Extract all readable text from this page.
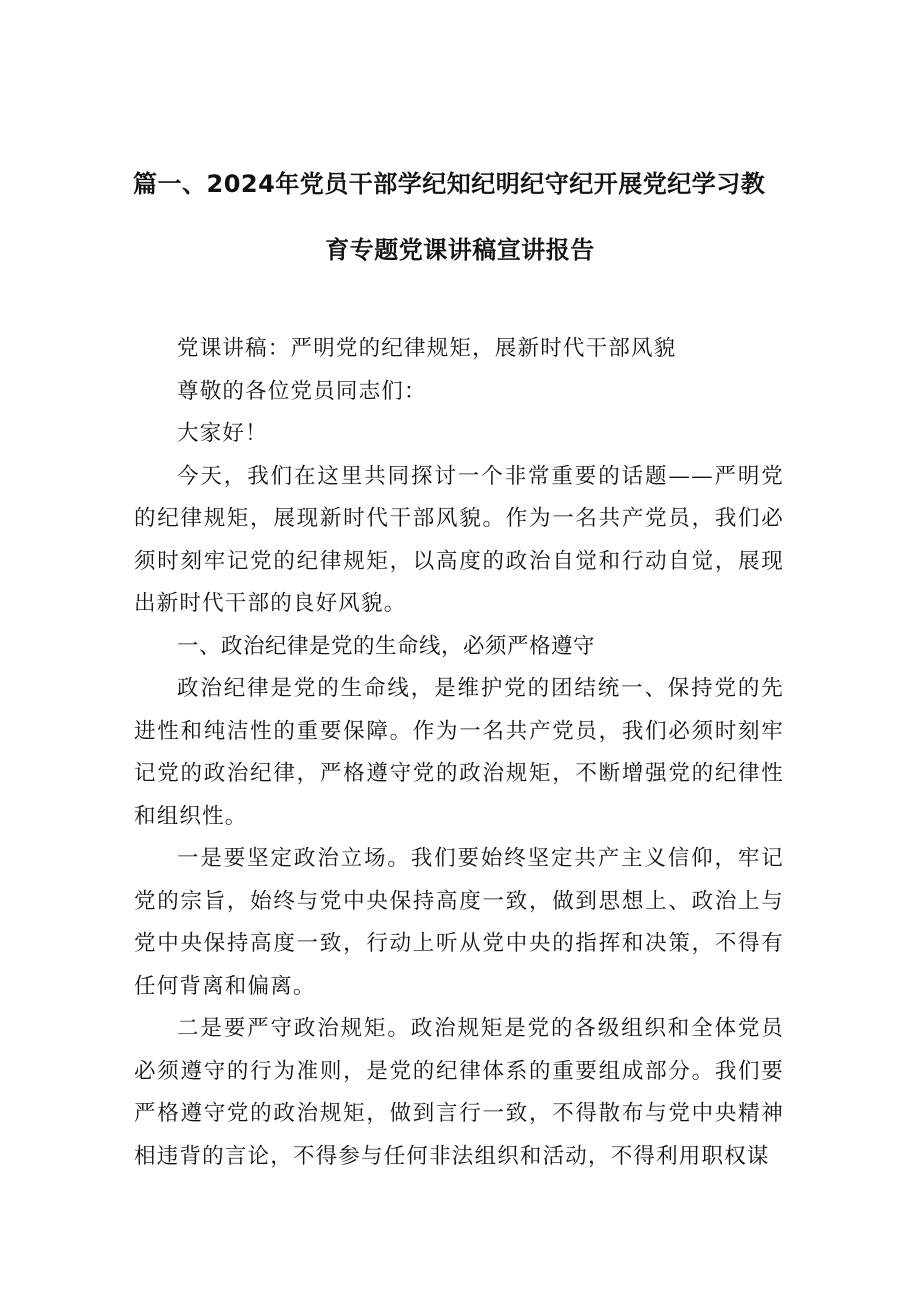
篇一、2024年党员干部学纪知纪明纪守纪开展党纪学习教
育专题党课讲稿宣讲报告

党课讲稿：严明党的纪律规矩，展新时代干部风貌

尊敬的各位党员同志们：

大家好！

今天，我们在这里共同探讨一个非常重要的话题——严明党的纪律规矩，展现新时代干部风貌。作为一名共产党员，我们必须时刻牢记党的纪律规矩，以高度的政治自觉和行动自觉，展现出新时代干部的良好风貌。

一、政治纪律是党的生命线，必须严格遵守

政治纪律是党的生命线，是维护党的团结统一、保持党的先进性和纯洁性的重要保障。作为一名共产党员，我们必须时刻牢记党的政治纪律，严格遵守党的政治规矩，不断增强党的纪律性和组织性。

一是要坚定政治立场。我们要始终坚定共产主义信仰，牢记党的宗旨，始终与党中央保持高度一致，做到思想上、政治上与党中央保持高度一致，行动上听从党中央的指挥和决策，不得有任何背离和偏离。

二是要严守政治规矩。政治规矩是党的各级组织和全体党员必须遵守的行为准则，是党的纪律体系的重要组成部分。我们要严格遵守党的政治规矩，做到言行一致，不得散布与党中央精神相违背的言论，不得参与任何非法组织和活动，不得利用职权谋
